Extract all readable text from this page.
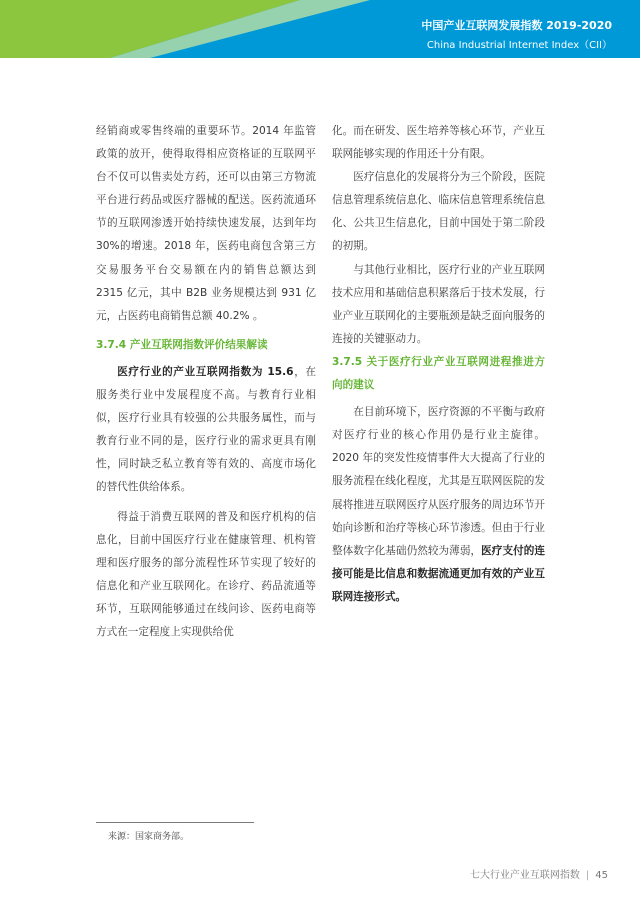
中国产业互联网发展指数 2019-2020
China Industrial Internet Index（CII）

经销商或零售终端的重要环节。2014 年监管政策的放开，使得取得相应资格证的互联网平台不仅可以售卖处方药，还可以由第三方物流平台进行药品或医疗器械的配送。医药流通环节的互联网渗透开始持续快速发展，达到年均 30%的增速。2018 年，医药电商包含第三方交易服务平台交易额在内的销售总额达到 2315 亿元，其中 B2B 业务规模达到 931 亿元，占医药电商销售总额 40.2% 。

3.7.4 产业互联网指数评价结果解读

医疗行业的产业互联网指数为 15.6，在服务类行业中发展程度不高。与教育行业相似，医疗行业具有较强的公共服务属性，而与教育行业不同的是，医疗行业的需求更具有刚性，同时缺乏私立教育等有效的、高度市场化的替代性供给体系。

得益于消费互联网的普及和医疗机构的信息化，目前中国医疗行业在健康管理、机构管理和医疗服务的部分流程性环节实现了较好的信息化和产业互联网化。在诊疗、药品流通等环节，互联网能够通过在线问诊、医药电商等方式在一定程度上实现供给优

化。而在研发、医生培养等核心环节，产业互联网能够实现的作用还十分有限。

医疗信息化的发展将分为三个阶段，医院信息管理系统信息化、临床信息管理系统信息化、公共卫生信息化，目前中国处于第二阶段的初期。

与其他行业相比，医疗行业的产业互联网技术应用和基础信息积累落后于技术发展，行业产业互联网化的主要瓶颈是缺乏面向服务的连接的关键驱动力。

3.7.5 关于医疗行业产业互联网进程推进方向的建议

在目前环境下，医疗资源的不平衡与政府对医疗行业的核心作用仍是行业主旋律。2020 年的突发性疫情事件大大提高了行业的服务流程在线化程度，尤其是互联网医院的发展将推进互联网医疗从医疗服务的周边环节开始向诊断和治疗等核心环节渗透。但由于行业整体数字化基础仍然较为薄弱，医疗支付的连接可能是比信息和数据流通更加有效的产业互联网连接形式。

来源：国家商务部。
七大行业产业互联网指数 | 45
